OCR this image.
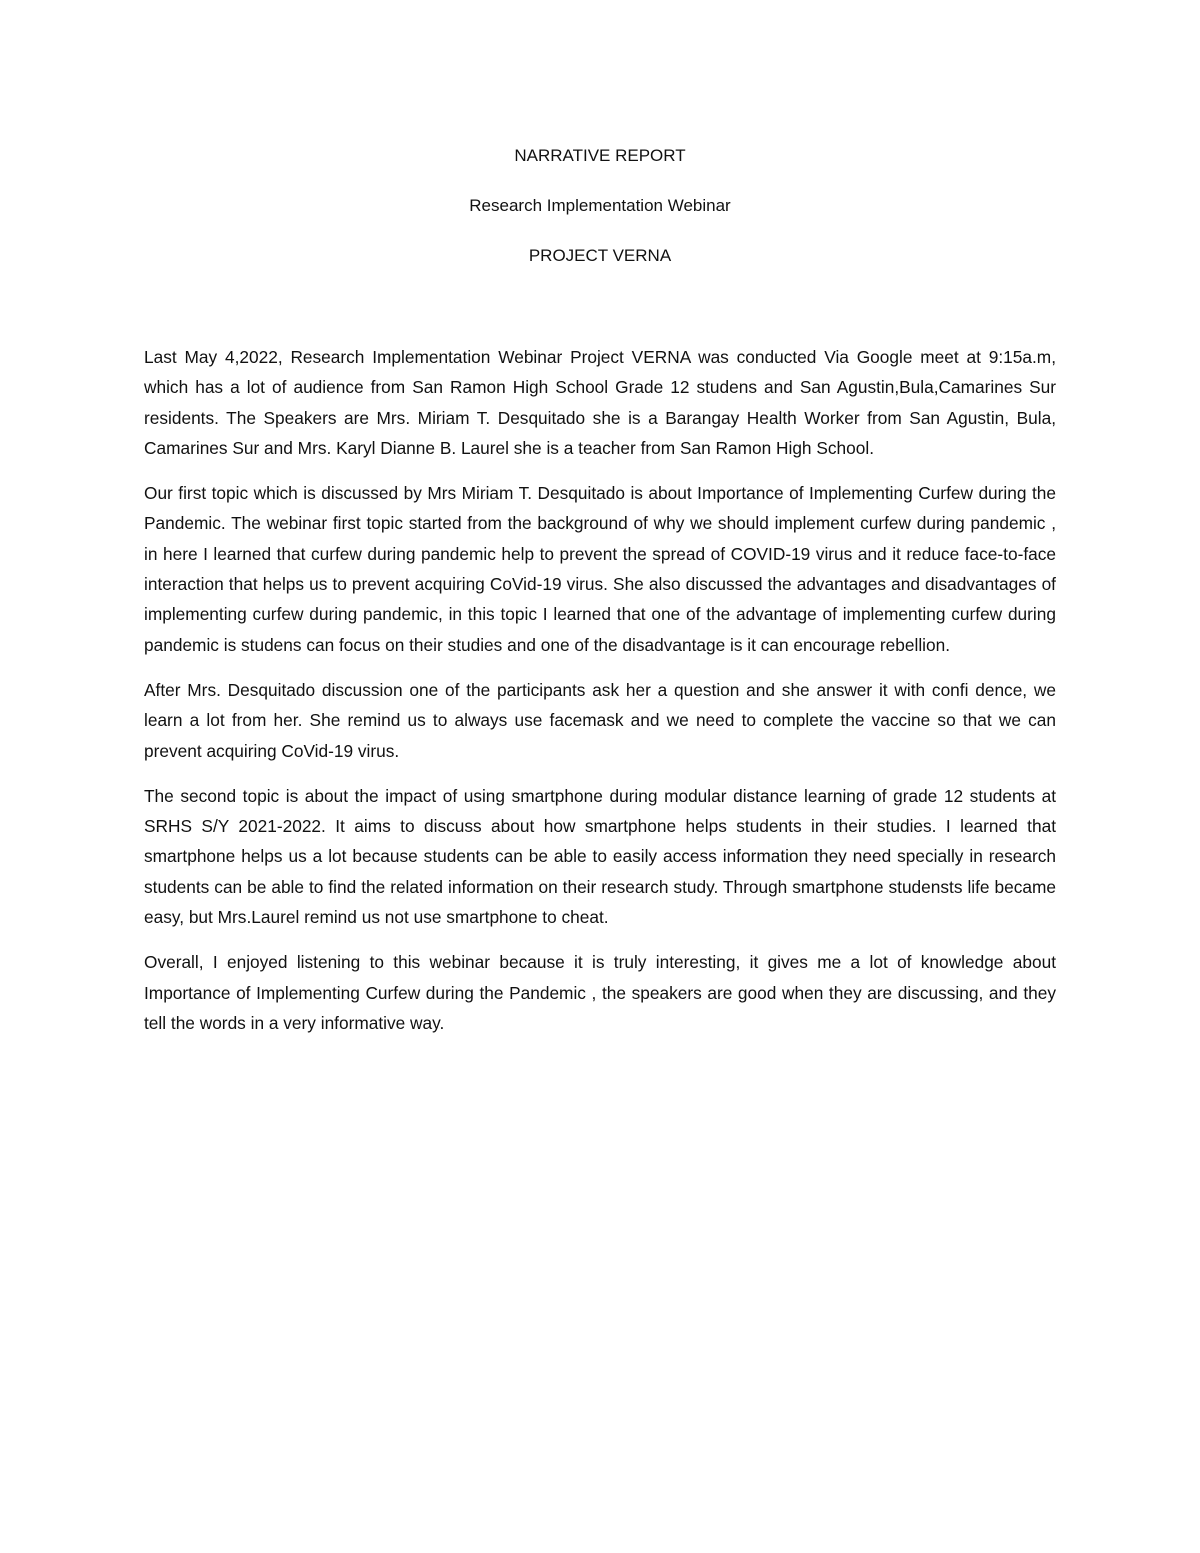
NARRATIVE REPORT
Research Implementation Webinar
PROJECT VERNA

Last May 4,2022, Research Implementation Webinar Project VERNA was conducted Via Google meet at 9:15a.m, which has a lot of audience from San Ramon High School Grade 12 studens and San Agustin,Bula,Camarines Sur residents. The Speakers are Mrs. Miriam T. Desquitado she is a Barangay Health Worker from San Agustin, Bula, Camarines Sur and Mrs. Karyl Dianne B. Laurel she is a teacher from San Ramon High School.

Our first topic which is discussed by Mrs Miriam T. Desquitado is about Importance of Implementing Curfew during the Pandemic. The webinar first topic started from the background of why we should implement curfew during pandemic , in here I learned that curfew during pandemic help to prevent the spread of COVID-19 virus and it reduce face-to-face interaction that helps us to prevent acquiring CoVid-19 virus. She also discussed the advantages and disadvantages of implementing curfew during pandemic, in this topic I learned that one of the advantage of implementing curfew during pandemic is studens can focus on their studies and one of the disadvantage is it can encourage rebellion.

After Mrs. Desquitado discussion one of the participants ask her a question and she answer it with confi dence, we learn a lot from her. She remind us to always use facemask and we need to complete the vaccine so that we can prevent acquiring CoVid-19 virus.

The second topic is about the impact of using smartphone during modular distance learning of grade 12 students at SRHS S/Y 2021-2022. It aims to discuss about how smartphone helps students in their studies. I learned that smartphone helps us a lot because students can be able to easily access information they need specially in research students can be able to find the related information on their research study. Through smartphone studensts life became easy, but Mrs.Laurel remind us not use smartphone to cheat.

Overall, I enjoyed listening to this webinar because it is truly interesting, it gives me a lot of knowledge about Importance of Implementing Curfew during the Pandemic , the speakers are good when they are discussing, and they tell the words in a very informative way.
